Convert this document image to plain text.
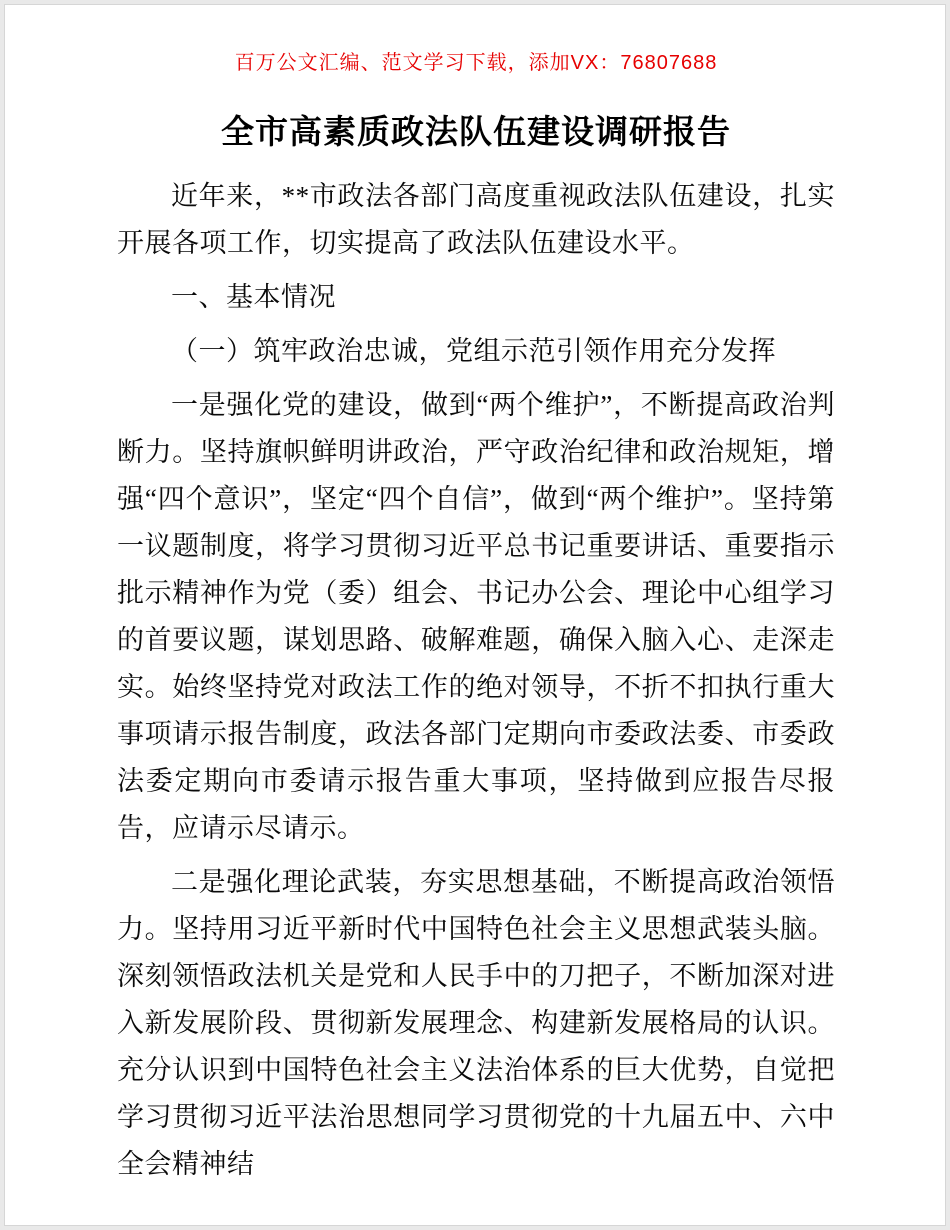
百万公文汇编、范文学习下载，添加VX：76807688
全市高素质政法队伍建设调研报告

近年来，**市政法各部门高度重视政法队伍建设，扎实开展各项工作，切实提高了政法队伍建设水平。

一、基本情况

（一）筑牢政治忠诚，党组示范引领作用充分发挥

一是强化党的建设，做到“两个维护”，不断提高政治判断力。坚持旗帜鲜明讲政治，严守政治纪律和政治规矩，增强“四个意识”，坚定“四个自信”，做到“两个维护”。坚持第一议题制度，将学习贯彻习近平总书记重要讲话、重要指示批示精神作为党（委）组会、书记办公会、理论中心组学习的首要议题，谋划思路、破解难题，确保入脑入心、走深走实。始终坚持党对政法工作的绝对领导，不折不扣执行重大事项请示报告制度，政法各部门定期向市委政法委、市委政法委定期向市委请示报告重大事项，坚持做到应报告尽报告，应请示尽请示。

二是强化理论武装，夯实思想基础，不断提高政治领悟力。坚持用习近平新时代中国特色社会主义思想武装头脑。深刻领悟政法机关是党和人民手中的刀把子，不断加深对进入新发展阶段、贯彻新发展理念、构建新发展格局的认识。充分认识到中国特色社会主义法治体系的巨大优势，自觉把学习贯彻习近平法治思想同学习贯彻党的十九届五中、六中全会精神结
